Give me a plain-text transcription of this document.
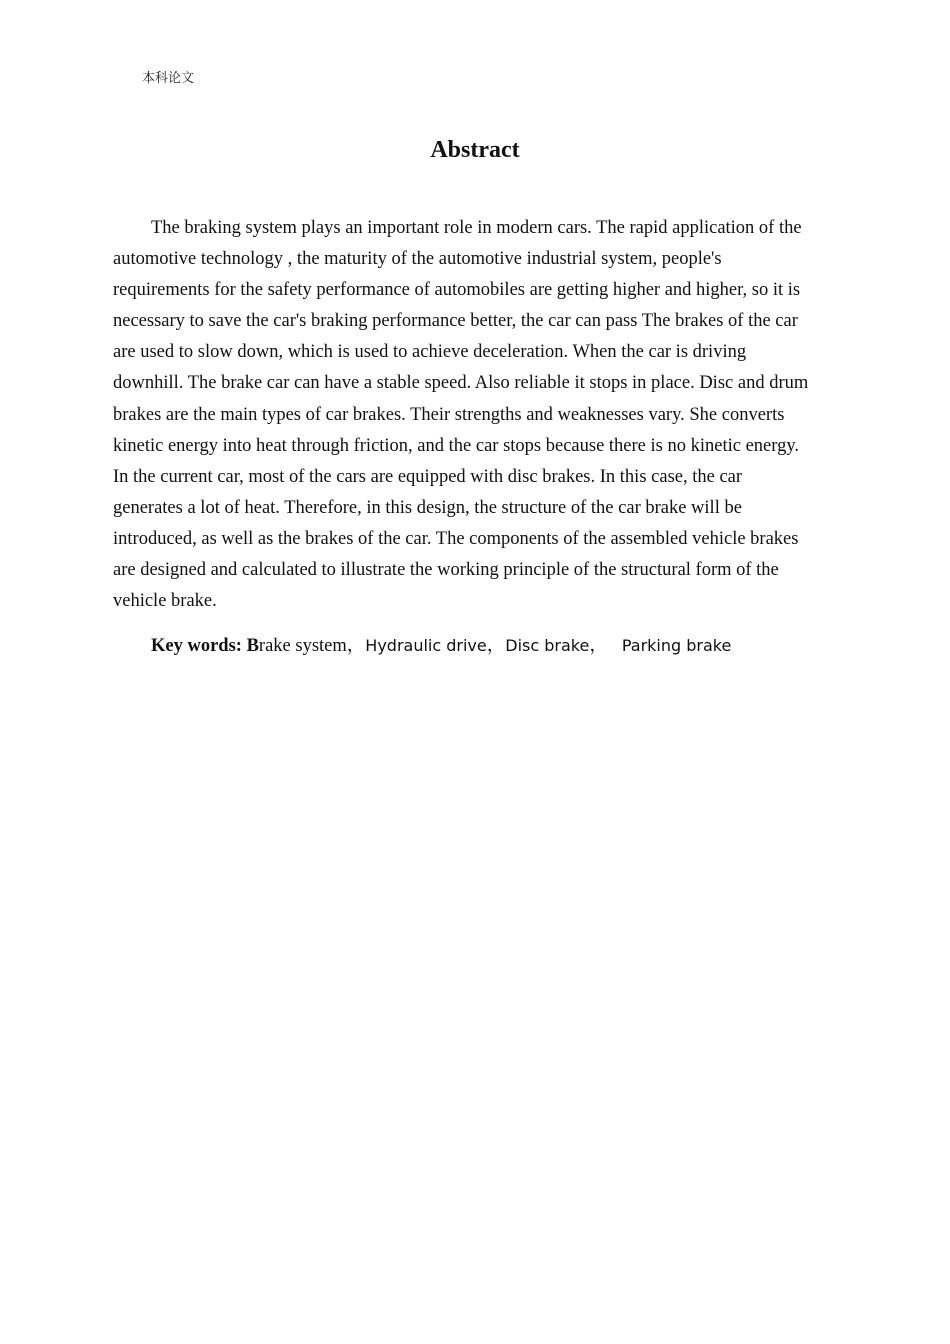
本科论文
Abstract
The braking system plays an important role in modern cars. The rapid application of the
automotive technology , the maturity of the automotive industrial system, people's
requirements for the safety performance of automobiles are getting higher and higher, so it is
necessary to save the car's braking performance better, the car can pass The brakes of the car
are used to slow down, which is used to achieve deceleration. When the car is driving
downhill. The brake car can have a stable speed. Also reliable it stops in place. Disc and drum
brakes are the main types of car brakes. Their strengths and weaknesses vary. She converts
kinetic energy into heat through friction, and the car stops because there is no kinetic energy.
In the current car, most of the cars are equipped with disc brakes. In this case, the car
generates a lot of heat. Therefore, in this design, the structure of the car brake will be
introduced, as well as the brakes of the car. The components of the assembled vehicle brakes
are designed and calculated to illustrate the working principle of the structural form of the
vehicle brake.
Key words: Brake system，Hydraulic drive，Disc brake， Parking brake
